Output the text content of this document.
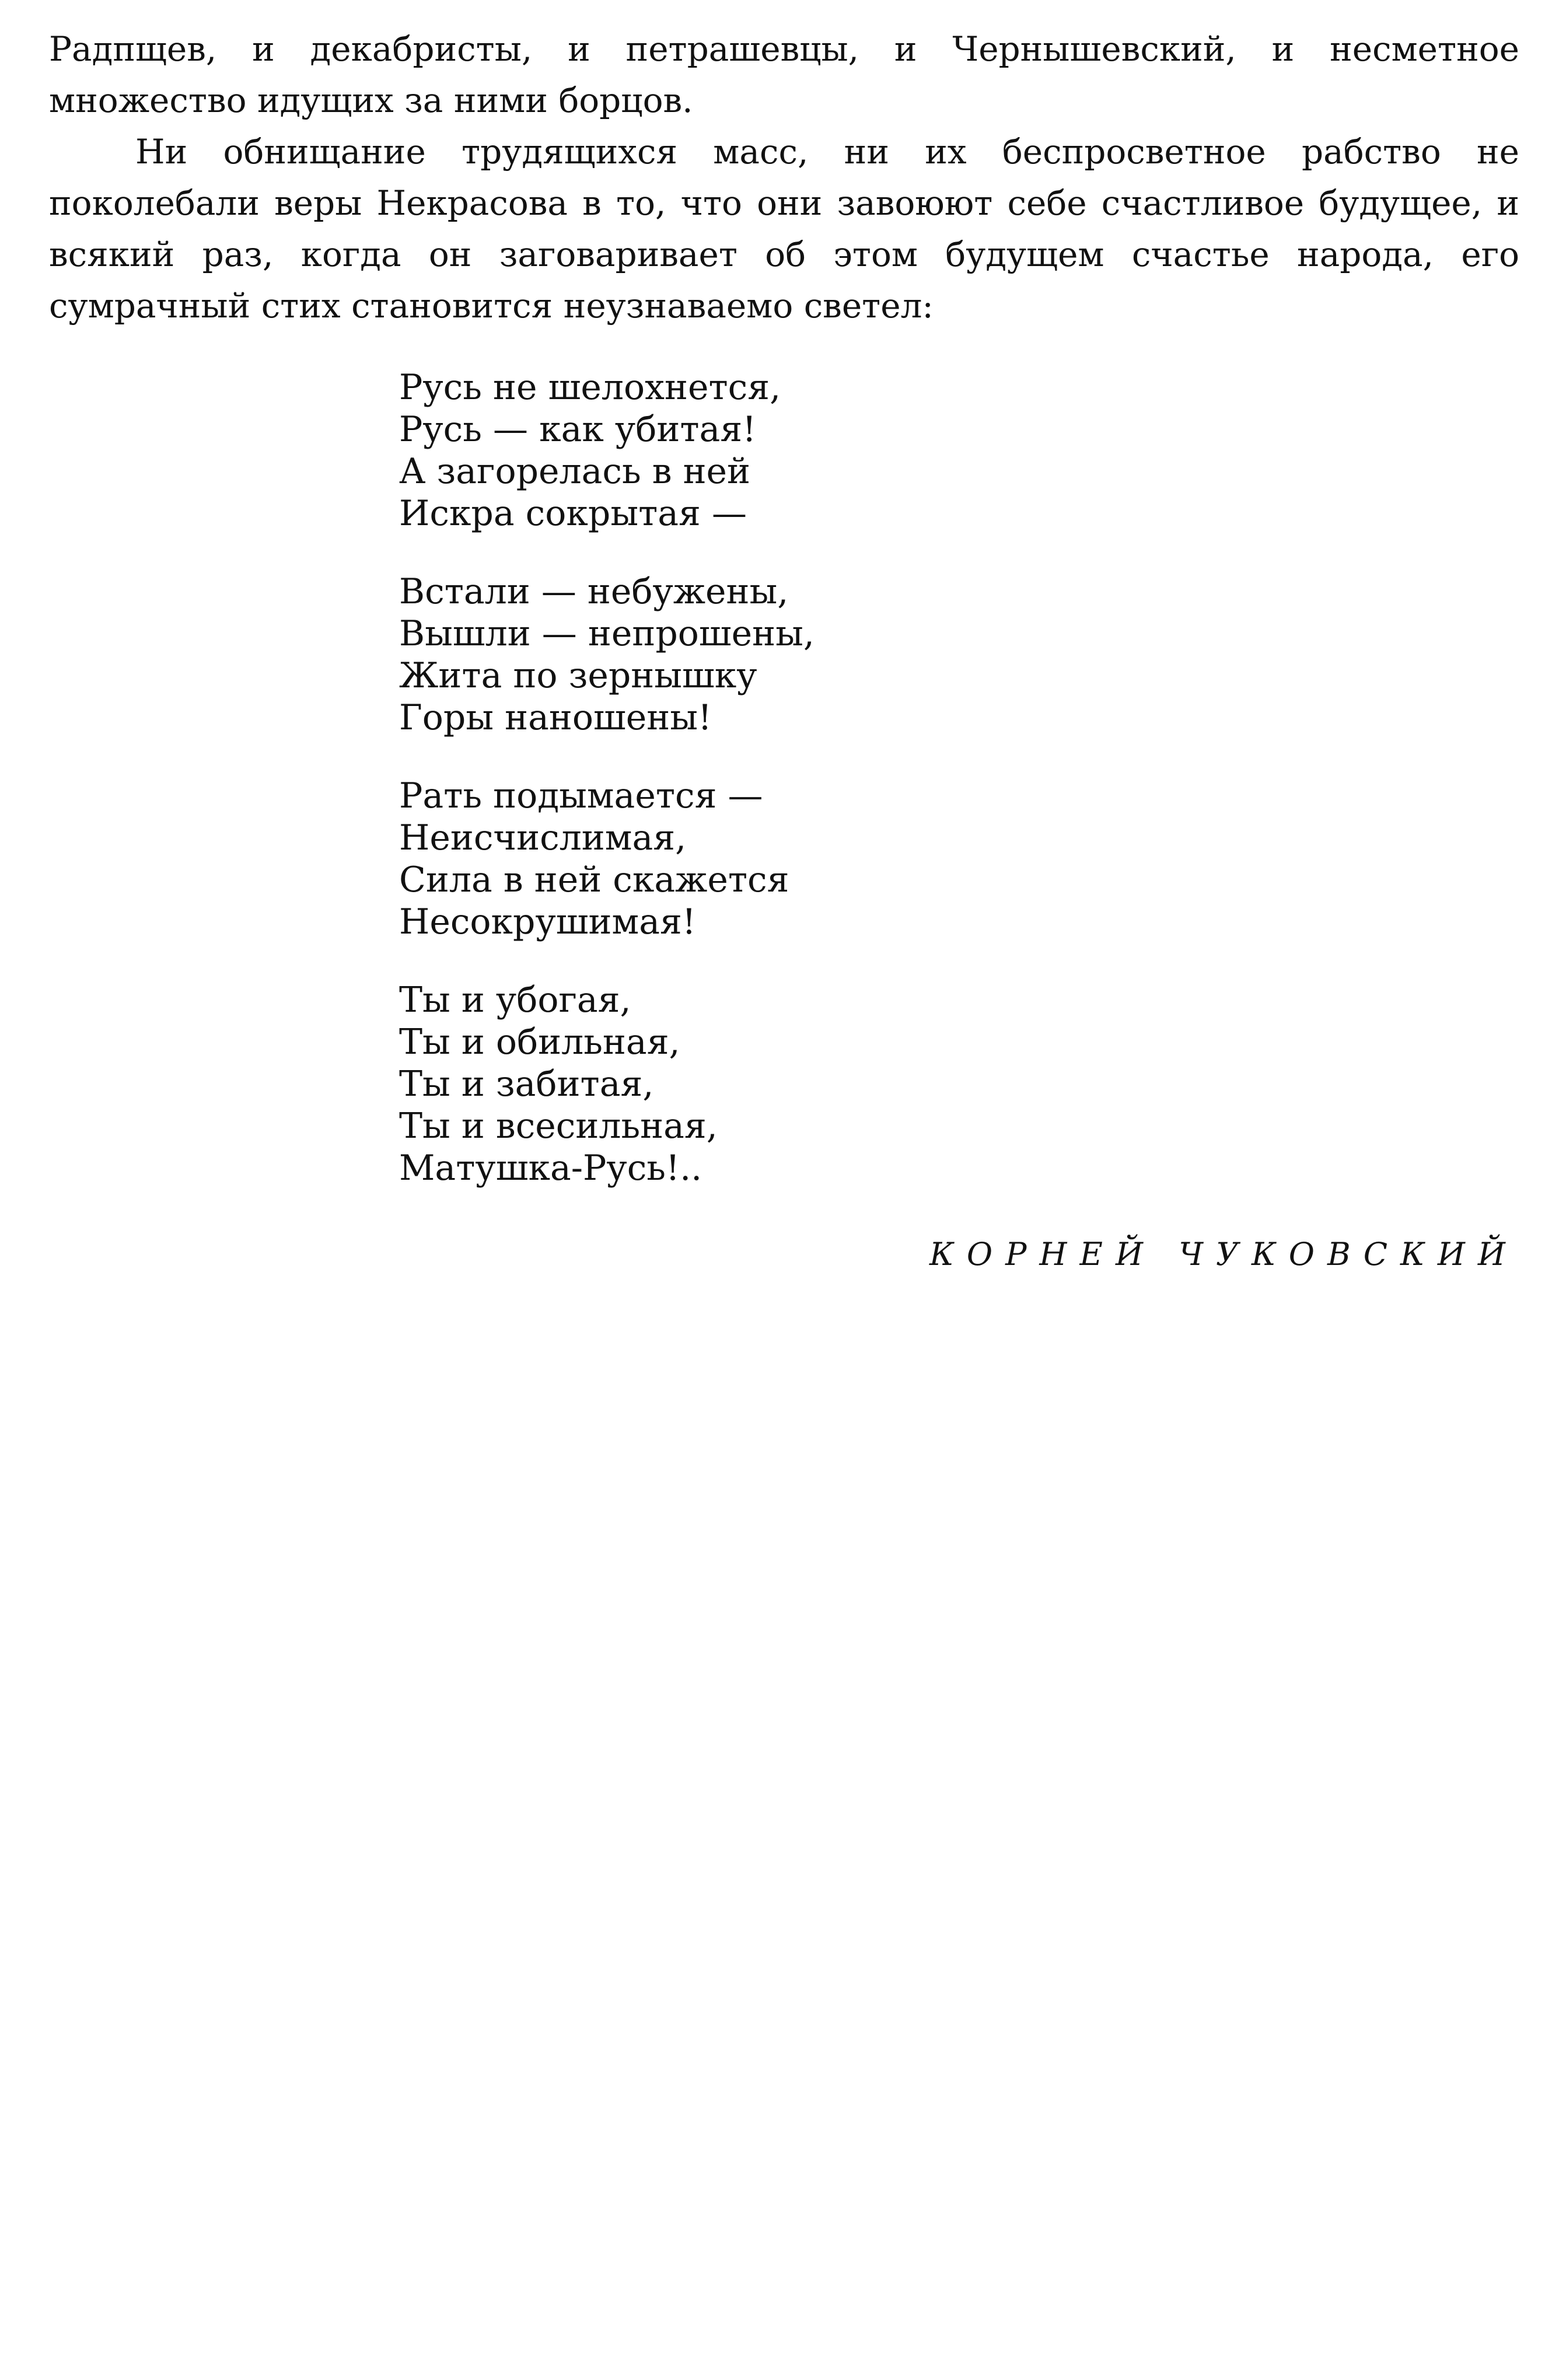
Радпщев, и декабристы, и петрашевцы, и Чернышевский, и несметное множество идущих за ними борцов.

Ни обнищание трудящихся масс, ни их беспросветное рабство не поколебали веры Некрасова в то, что они завоюют себе счастливое будущее, и всякий раз, когда он заговаривает об этом будущем счастье народа, его сумрачный стих становится неузнаваемо светел:

Русь не шелохнется,
Русь — как убитая!
А загорелась в ней
Искра сокрытая —
Встали — небужены,
Вышли — непрошены,
Жита по зернышку
Горы наношены!
Рать подымается —
Неисчислимая,
Сила в ней скажется
Несокрушимая!
Ты и убогая,
Ты и обильная,
Ты и забитая,
Ты и всесильная,
Матушка-Русь!..
КОРНЕЙ ЧУКОВСКИЙ
